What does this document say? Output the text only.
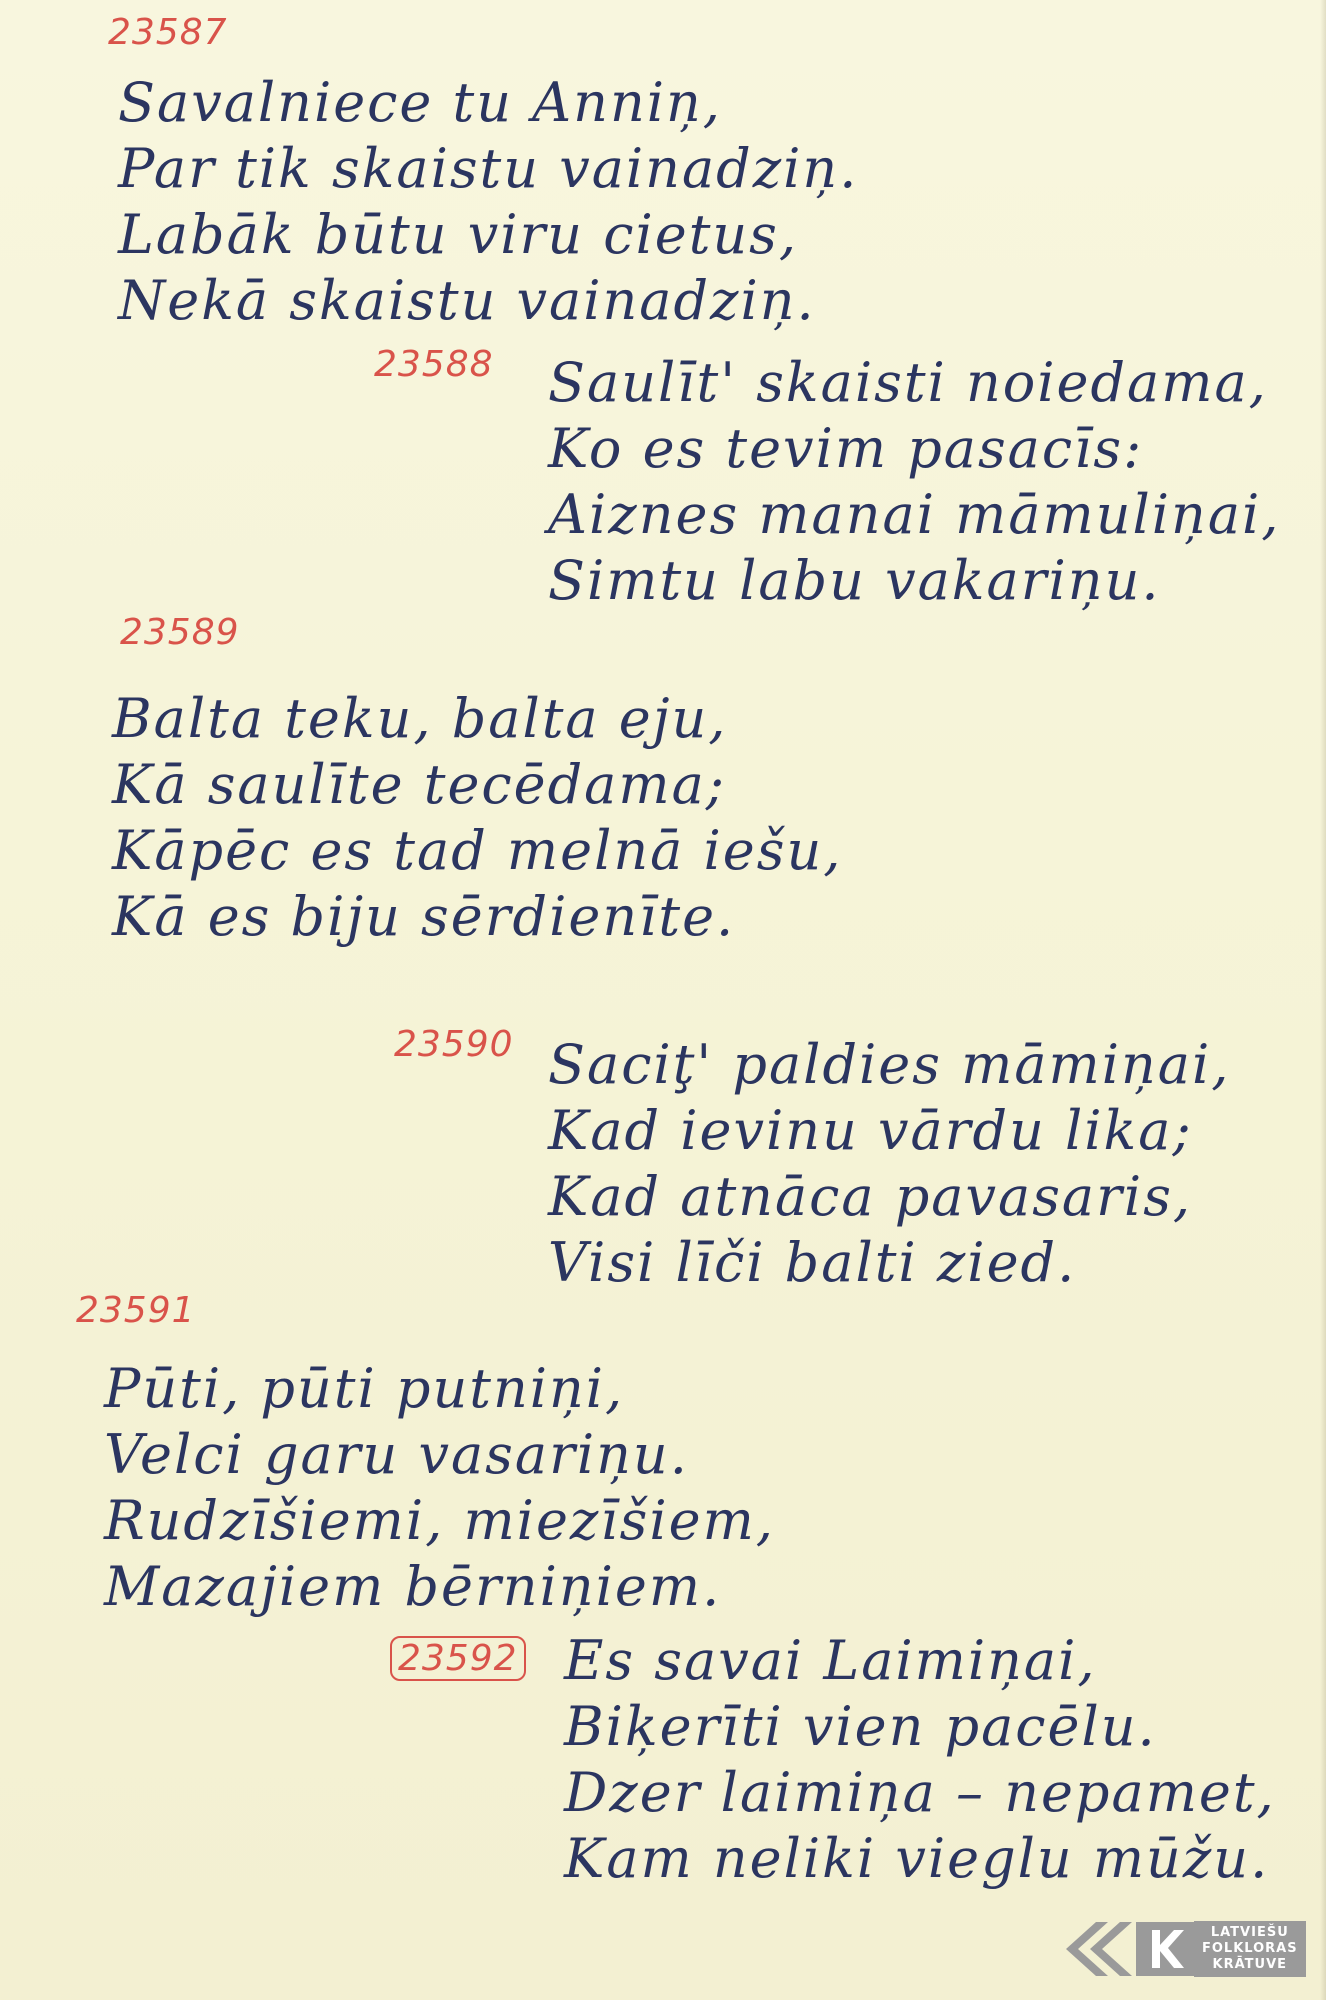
23587
Savalniece tu Anniņ,
Par tik skaistu vainadziņ.
Labāk būtu viru cietus,
Nekā skaistu vainadziņ.
23588 Saulīt' skaisti noiedama,
Ko es tevim pasacīs:
Aiznes manai māmuliņai,
Simtu labu vakariņu.
23589
Balta teku, balta eju,
Kā saulīte tecēdama;
Kāpēc es tad melnā iešu,
Kā es biju sērdienīte.
23590 Saciţ' paldies māmiņai,
Kad ievinu vārdu lika;
Kad atnāca pavasaris,
Visi līči balti zied.
23591
Pūti, pūti putniņi,
Velci garu vasariņu.
Rudzīšiemi, miezīšiem,
Mazajiem bērniņiem.
23592 Es savai Laimiņai,
Biķerīti vien pacēlu.
Dzer laimiņa – nepamet,
Kam neliki vieglu mūžu.
LATVIEŠU
FOLKLORAS
KRĀTUVE
